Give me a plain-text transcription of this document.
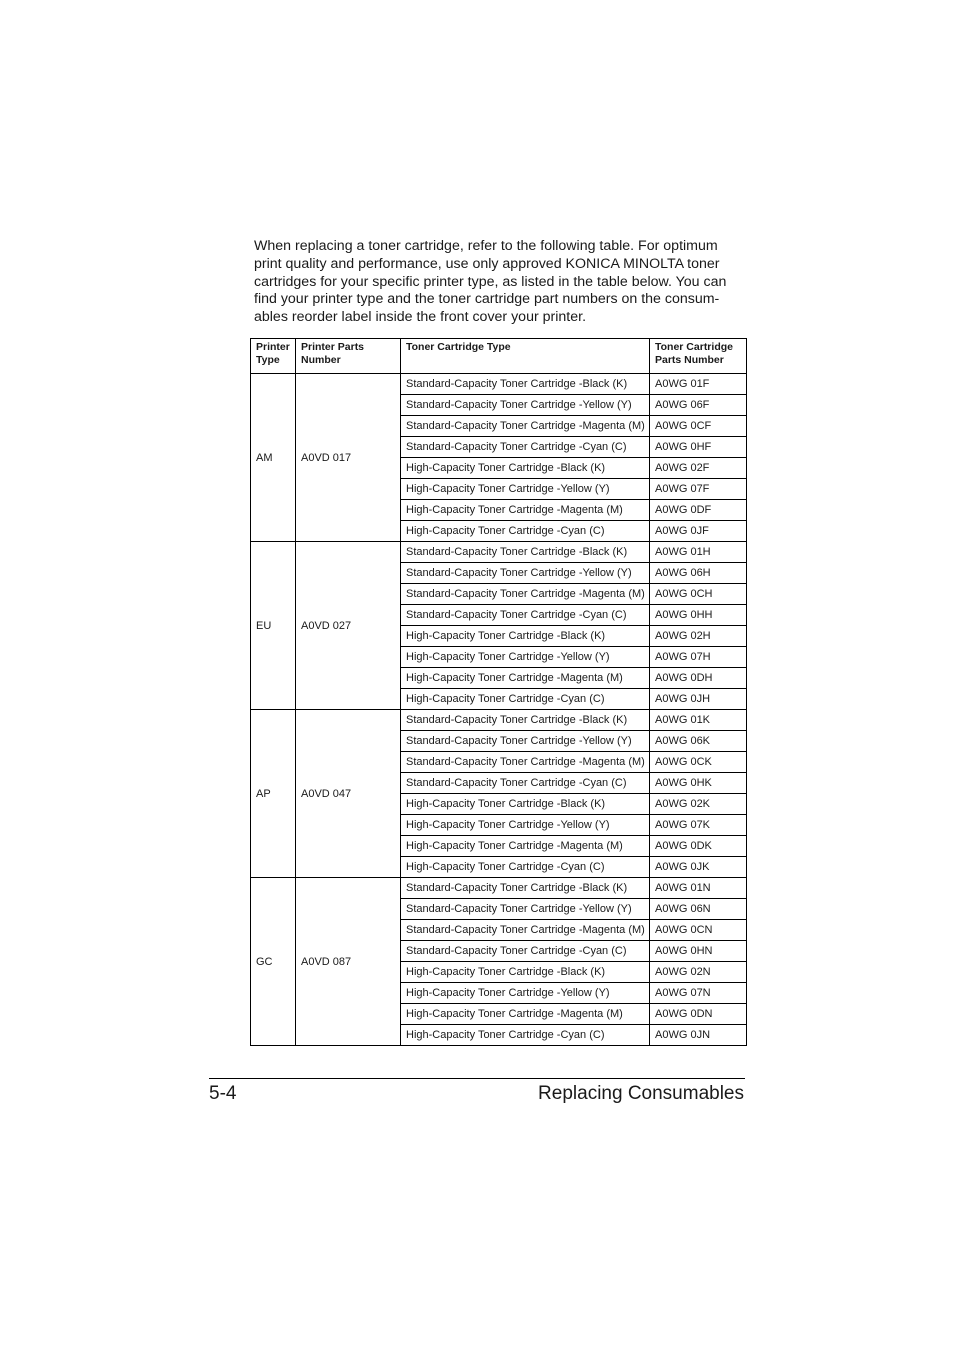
When replacing a toner cartridge, refer to the following table. For optimum
print quality and performance, use only approved KONICA MINOLTA toner
cartridges for your specific printer type, as listed in the table below. You can
find your printer type and the toner cartridge part numbers on the consum-
ables reorder label inside the front cover your printer.

Printer Type	Printer Parts Number	Toner Cartridge Type	Toner Cartridge Parts Number
AM	A0VD 017	Standard-Capacity Toner Cartridge -Black (K)	A0WG 01F
		Standard-Capacity Toner Cartridge -Yellow (Y)	A0WG 06F
		Standard-Capacity Toner Cartridge -Magenta (M)	A0WG 0CF
		Standard-Capacity Toner Cartridge -Cyan (C)	A0WG 0HF
		High-Capacity Toner Cartridge -Black (K)	A0WG 02F
		High-Capacity Toner Cartridge -Yellow (Y)	A0WG 07F
		High-Capacity Toner Cartridge -Magenta (M)	A0WG 0DF
		High-Capacity Toner Cartridge -Cyan (C)	A0WG 0JF
EU	A0VD 027	Standard-Capacity Toner Cartridge -Black (K)	A0WG 01H
		Standard-Capacity Toner Cartridge -Yellow (Y)	A0WG 06H
		Standard-Capacity Toner Cartridge -Magenta (M)	A0WG 0CH
		Standard-Capacity Toner Cartridge -Cyan (C)	A0WG 0HH
		High-Capacity Toner Cartridge -Black (K)	A0WG 02H
		High-Capacity Toner Cartridge -Yellow (Y)	A0WG 07H
		High-Capacity Toner Cartridge -Magenta (M)	A0WG 0DH
		High-Capacity Toner Cartridge -Cyan (C)	A0WG 0JH
AP	A0VD 047	Standard-Capacity Toner Cartridge -Black (K)	A0WG 01K
		Standard-Capacity Toner Cartridge -Yellow (Y)	A0WG 06K
		Standard-Capacity Toner Cartridge -Magenta (M)	A0WG 0CK
		Standard-Capacity Toner Cartridge -Cyan (C)	A0WG 0HK
		High-Capacity Toner Cartridge -Black (K)	A0WG 02K
		High-Capacity Toner Cartridge -Yellow (Y)	A0WG 07K
		High-Capacity Toner Cartridge -Magenta (M)	A0WG 0DK
		High-Capacity Toner Cartridge -Cyan (C)	A0WG 0JK
GC	A0VD 087	Standard-Capacity Toner Cartridge -Black (K)	A0WG 01N
		Standard-Capacity Toner Cartridge -Yellow (Y)	A0WG 06N
		Standard-Capacity Toner Cartridge -Magenta (M)	A0WG 0CN
		Standard-Capacity Toner Cartridge -Cyan (C)	A0WG 0HN
		High-Capacity Toner Cartridge -Black (K)	A0WG 02N
		High-Capacity Toner Cartridge -Yellow (Y)	A0WG 07N
		High-Capacity Toner Cartridge -Magenta (M)	A0WG 0DN
		High-Capacity Toner Cartridge -Cyan (C)	A0WG 0JN
5-4	Replacing Consumables
